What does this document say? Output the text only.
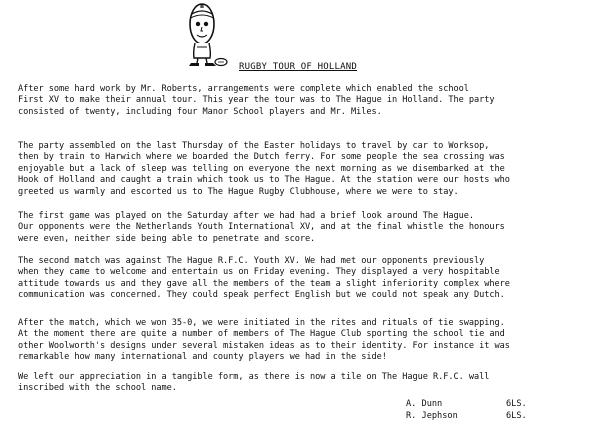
RUGBY TOUR OF HOLLAND

After some hard work by Mr. Roberts, arrangements were complete which enabled the school
First XV to make their annual tour. This year the tour was to The Hague in Holland. The party
consisted of twenty, including four Manor School players and Mr. Miles.

The party assembled on the last Thursday of the Easter holidays to travel by car to Worksop,
then by train to Harwich where we boarded the Dutch ferry. For some people the sea crossing was
enjoyable but a lack of sleep was telling on everyone the next morning as we disembarked at the
Hook of Holland and caught a train which took us to The Hague. At the station were our hosts who
greeted us warmly and escorted us to The Hague Rugby Clubhouse, where we were to stay.

The first game was played on the Saturday after we had had a brief look around The Hague.
Our opponents were the Netherlands Youth International XV, and at the final whistle the honours
were even, neither side being able to penetrate and score.

The second match was against The Hague R.F.C. Youth XV. We had met our opponents previously
when they came to welcome and entertain us on Friday evening. They displayed a very hospitable
attitude towards us and they gave all the members of the team a slight inferiority complex where
communication was concerned. They could speak perfect English but we could not speak any Dutch.

After the match, which we won 35-0, we were initiated in the rites and rituals of tie swapping.
At the moment there are quite a number of members of The Hague Club sporting the school tie and
other Woolworth's designs under several mistaken ideas as to their identity. For instance it was
remarkable how many international and county players we had in the side!

We left our appreciation in a tangible form, as there is now a tile on The Hague R.F.C. wall
inscribed with the school name.

A. Dunn	6LS.
R. Jephson	6LS.
